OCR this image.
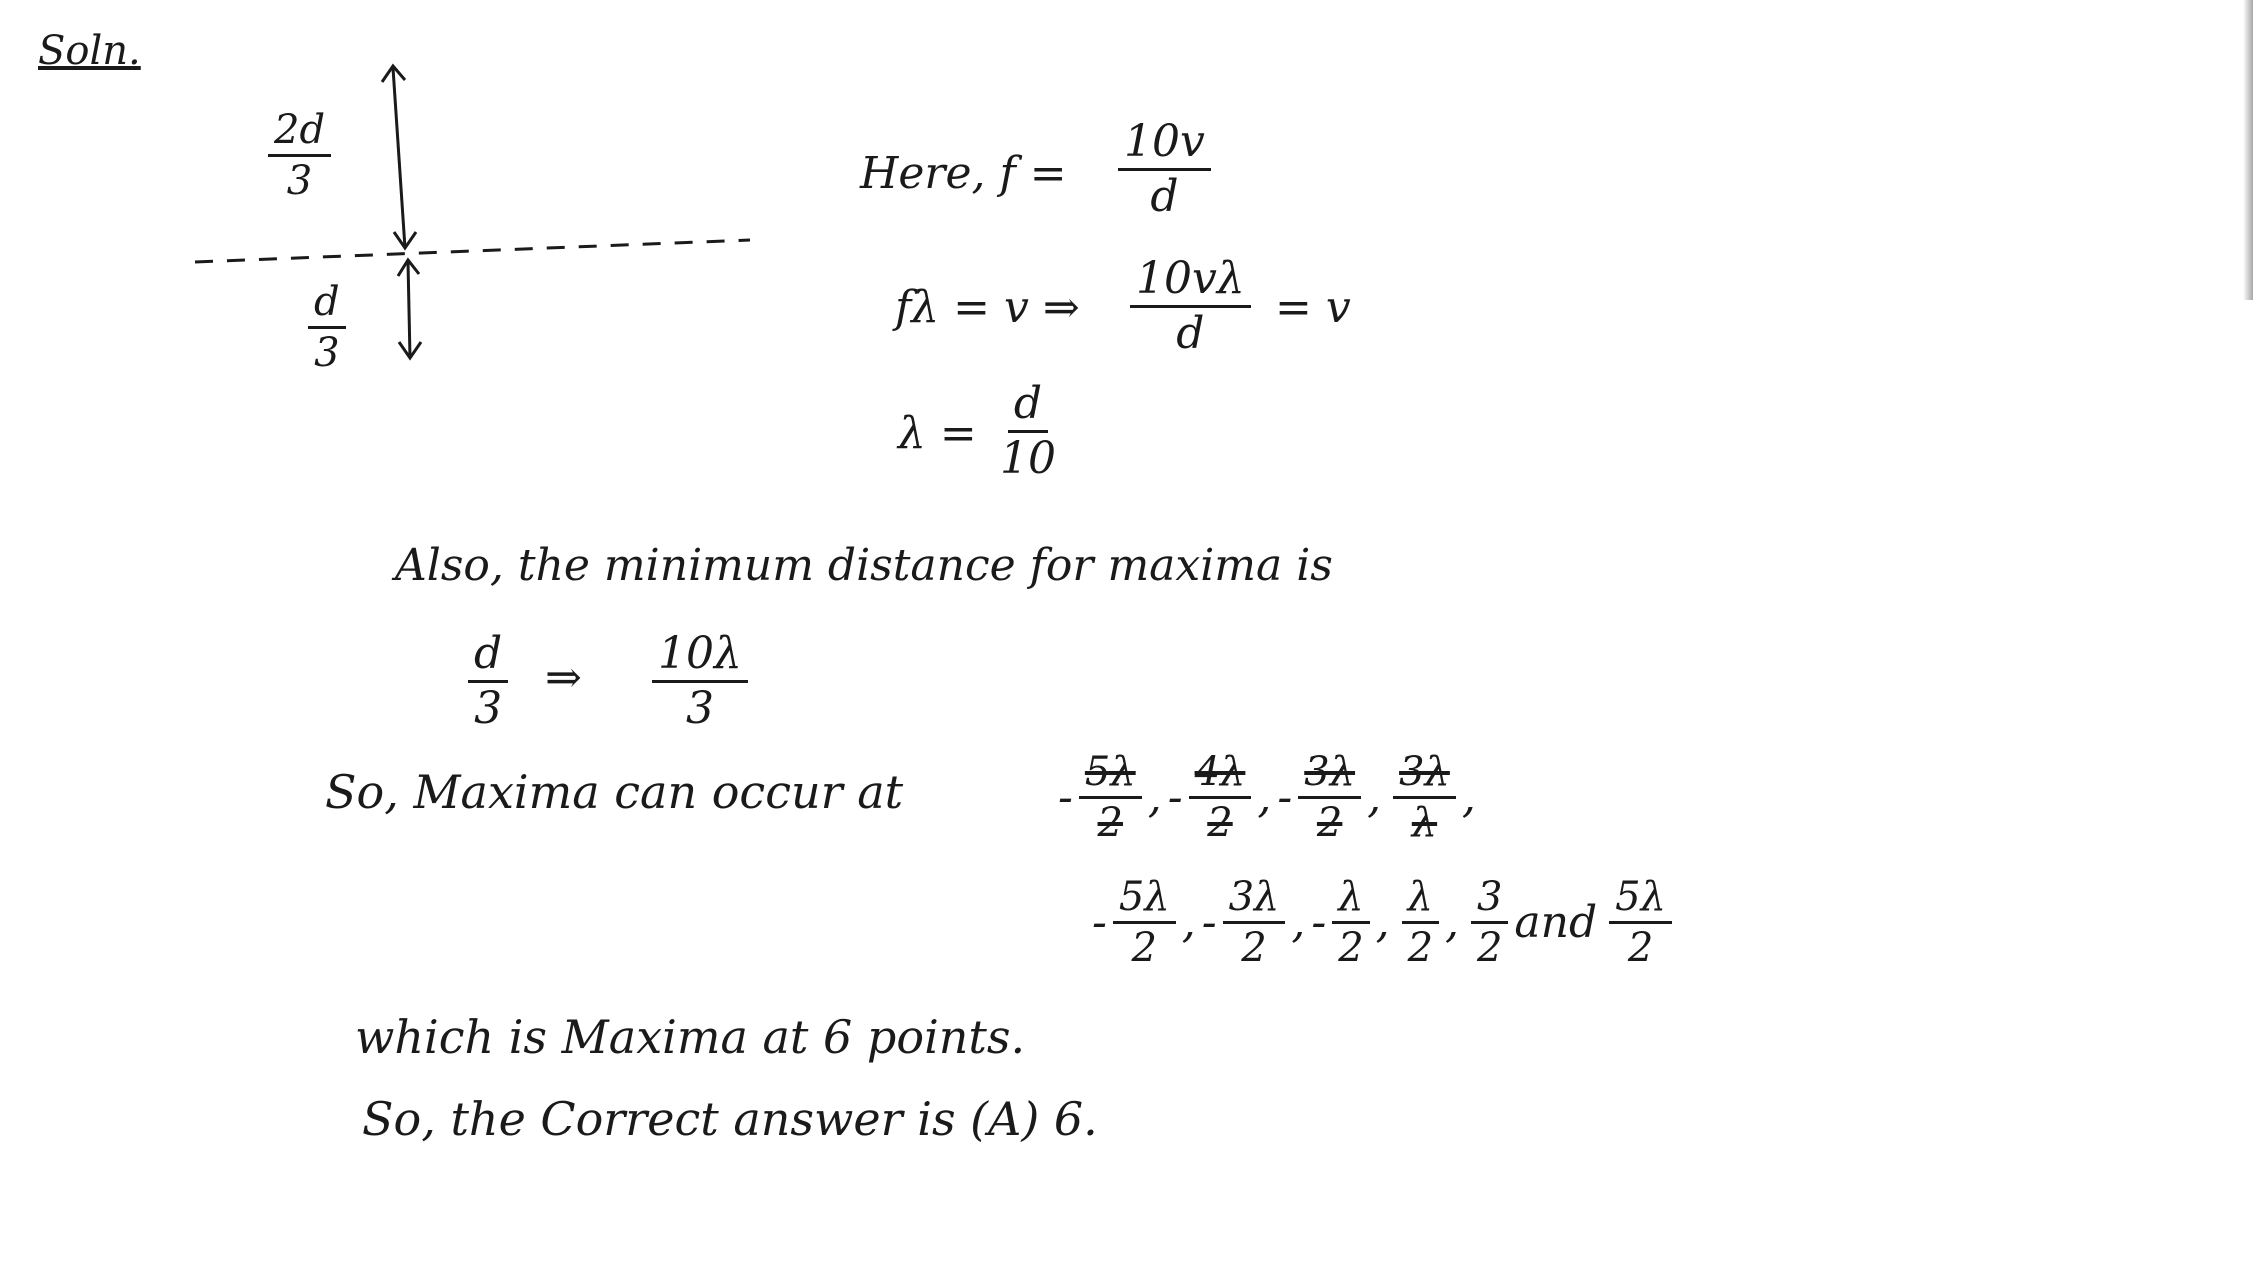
Soln.
$\frac{2d}{3}$
$\frac{d}{3}$
Here, $f = \frac{10v}{d}$
fλ = v ⇒ $\frac{10v\lambda}{d} = v$
$\lambda = \frac{d}{10}$
Also, the minimum distance for maxima is
$\frac{d}{3}$ ⇒ $\frac{10\lambda}{3}$
So, Maxima can occur at	- $\frac{5\lambda}{2}$ , - $\frac{4\lambda}{2}$ , - $\frac{3\lambda}{2}$ , $\frac{3\lambda}{\lambda}$ ,
- $\frac{5\lambda}{2}$ , - $\frac{3\lambda}{2}$ , - $\frac{\lambda}{2}$ , $\frac{\lambda}{2}$ , $\frac{3}{2}$ and $\frac{5\lambda}{2}$
which is Maxima at 6 points.
So, the Correct answer is (A) 6.
